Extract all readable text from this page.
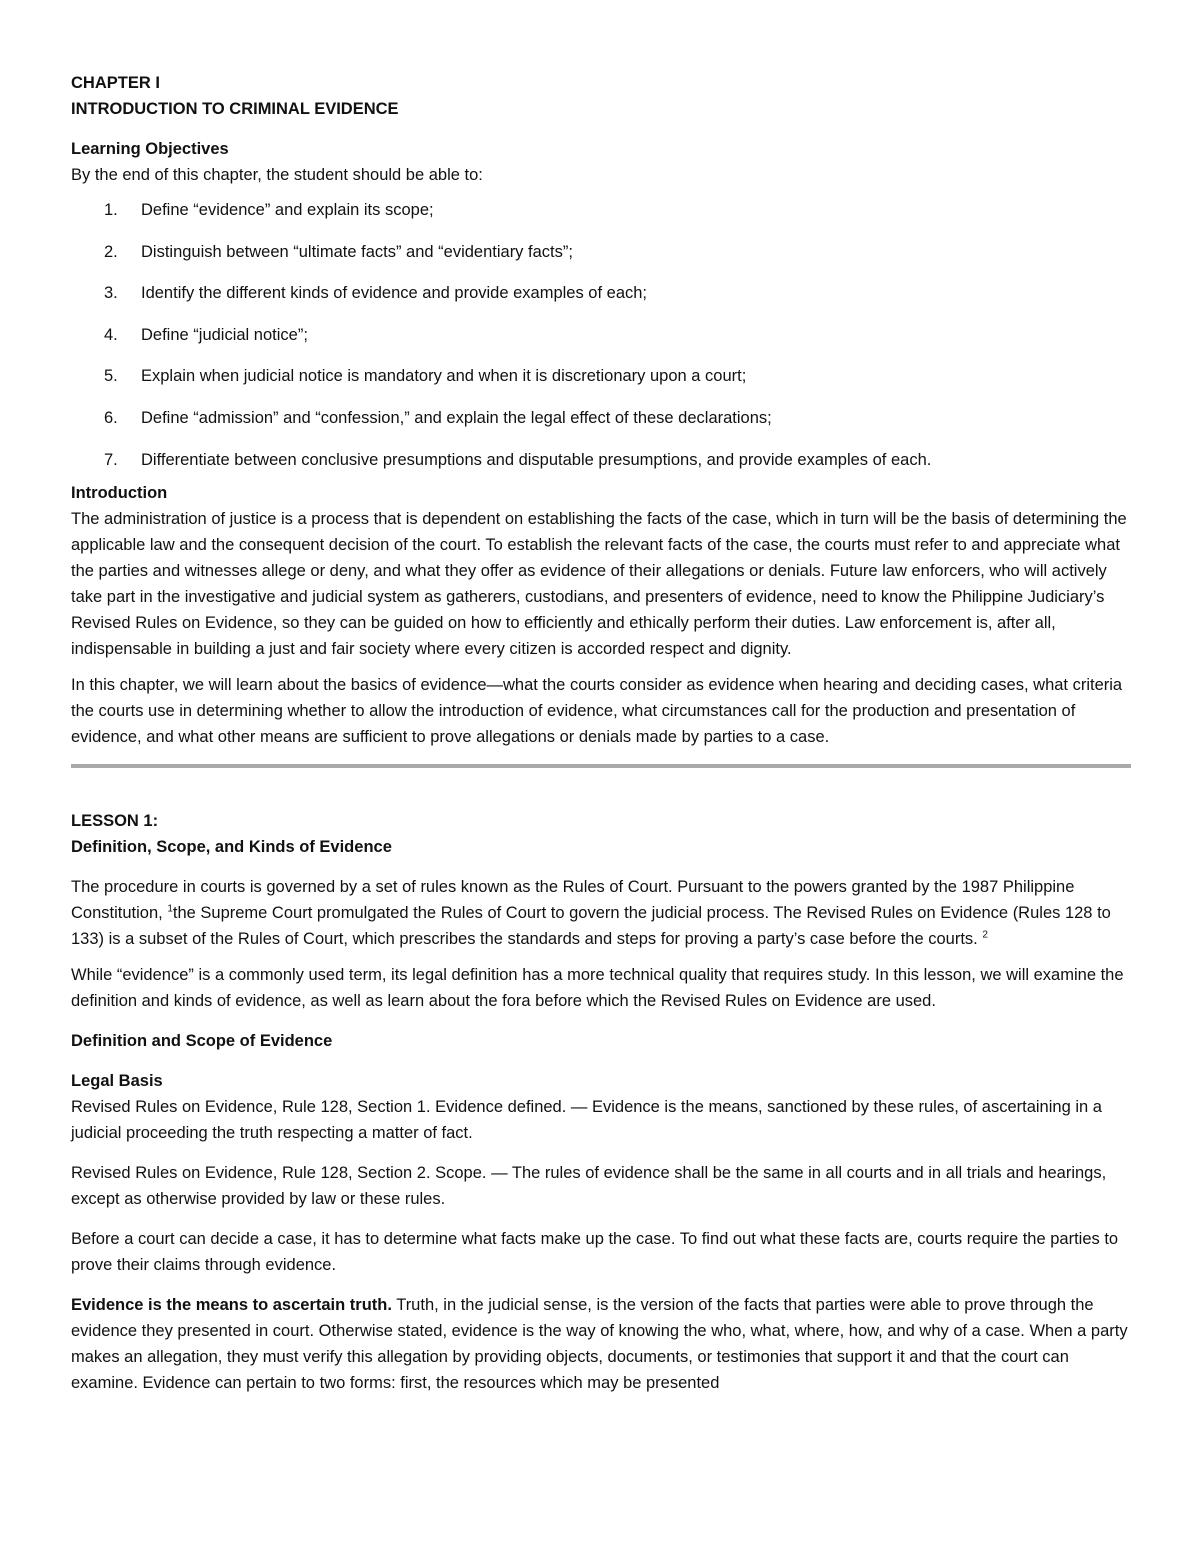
CHAPTER I

INTRODUCTION TO CRIMINAL EVIDENCE

Learning Objectives

By the end of this chapter, the student should be able to:

1. Define “evidence” and explain its scope;
2. Distinguish between “ultimate facts” and “evidentiary facts”;
3. Identify the different kinds of evidence and provide examples of each;
4. Define “judicial notice”;
5. Explain when judicial notice is mandatory and when it is discretionary upon a court;
6. Define “admission” and “confession,” and explain the legal effect of these declarations;
7. Differentiate between conclusive presumptions and disputable presumptions, and provide examples of each.

Introduction

The administration of justice is a process that is dependent on establishing the facts of the case, which in turn will be the basis of determining the applicable law and the consequent decision of the court. To establish the relevant facts of the case, the courts must refer to and appreciate what the parties and witnesses allege or deny, and what they offer as evidence of their allegations or denials. Future law enforcers, who will actively take part in the investigative and judicial system as gatherers, custodians, and presenters of evidence, need to know the Philippine Judiciary’s Revised Rules on Evidence, so they can be guided on how to efficiently and ethically perform their duties. Law enforcement is, after all, indispensable in building a just and fair society where every citizen is accorded respect and dignity.

In this chapter, we will learn about the basics of evidence—what the courts consider as evidence when hearing and deciding cases, what criteria the courts use in determining whether to allow the introduction of evidence, what circumstances call for the production and presentation of evidence, and what other means are sufficient to prove allegations or denials made by parties to a case.

LESSON 1:

Definition, Scope, and Kinds of Evidence

The procedure in courts is governed by a set of rules known as the Rules of Court. Pursuant to the powers granted by the 1987 Philippine Constitution, $^1$the Supreme Court promulgated the Rules of Court to govern the judicial process. The Revised Rules on Evidence (Rules 128 to 133) is a subset of the Rules of Court, which prescribes the standards and steps for proving a party’s case before the courts. $^2$

While “evidence” is a commonly used term, its legal definition has a more technical quality that requires study. In this lesson, we will examine the definition and kinds of evidence, as well as learn about the fora before which the Revised Rules on Evidence are used.

Definition and Scope of Evidence

Legal Basis

Revised Rules on Evidence, Rule 128, Section 1. Evidence defined. — Evidence is the means, sanctioned by these rules, of ascertaining in a judicial proceeding the truth respecting a matter of fact.

Revised Rules on Evidence, Rule 128, Section 2. Scope. — The rules of evidence shall be the same in all courts and in all trials and hearings, except as otherwise provided by law or these rules.

Before a court can decide a case, it has to determine what facts make up the case. To find out what these facts are, courts require the parties to prove their claims through evidence.

Evidence is the means to ascertain truth. Truth, in the judicial sense, is the version of the facts that parties were able to prove through the evidence they presented in court. Otherwise stated, evidence is the way of knowing the who, what, where, how, and why of a case. When a party makes an allegation, they must verify this allegation by providing objects, documents, or testimonies that support it and that the court can examine. Evidence can pertain to two forms: first, the resources which may be presented
